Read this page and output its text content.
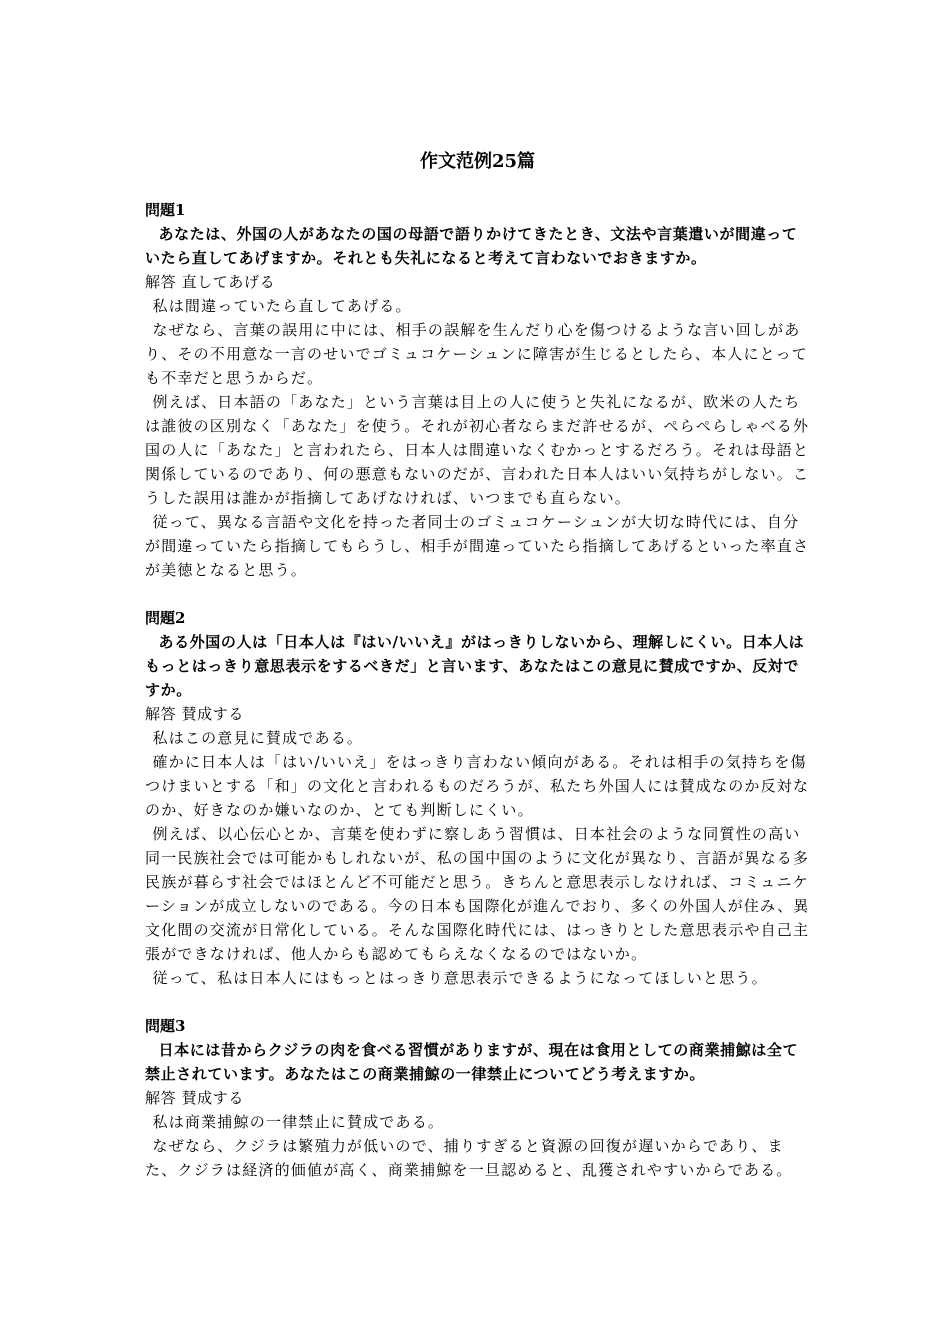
作文范例25篇
問題1
あなたは、外国の人があなたの国の母語で語りかけてきたとき、文法や言葉遣いが間違っていたら直してあげますか。それとも失礼になると考えて言わないでおきますか。
解答 直してあげる

私は間違っていたら直してあげる。

なぜなら、言葉の誤用に中には、相手の誤解を生んだり心を傷つけるような言い回しがあり、その不用意な一言のせいでゴミュコケーシュンに障害が生じるとしたら、本人にとっても不幸だと思うからだ。

例えば、日本語の「あなた」という言葉は目上の人に使うと失礼になるが、欧米の人たちは誰彼の区別なく「あなた」を使う。それが初心者ならまだ許せるが、ぺらぺらしゃべる外国の人に「あなた」と言われたら、日本人は間違いなくむかっとするだろう。それは母語と関係しているのであり、何の悪意もないのだが、言われた日本人はいい気持ちがしない。こうした誤用は誰かが指摘してあげなければ、いつまでも直らない。

従って、異なる言語や文化を持った者同士のゴミュコケーシュンが大切な時代には、自分が間違っていたら指摘してもらうし、相手が間違っていたら指摘してあげるといった率直さが美徳となると思う。

問題2
ある外国の人は「日本人は『はい/いいえ』がはっきりしないから、理解しにくい。日本人はもっとはっきり意思表示をするべきだ」と言います、あなたはこの意見に賛成ですか、反対ですか。
解答 賛成する

私はこの意見に賛成である。

確かに日本人は「はい/いいえ」をはっきり言わない傾向がある。それは相手の気持ちを傷つけまいとする「和」の文化と言われるものだろうが、私たち外国人には賛成なのか反対なのか、好きなのか嫌いなのか、とても判断しにくい。

例えば、以心伝心とか、言葉を使わずに察しあう習慣は、日本社会のような同質性の高い同一民族社会では可能かもしれないが、私の国中国のように文化が異なり、言語が異なる多民族が暮らす社会ではほとんど不可能だと思う。きちんと意思表示しなければ、コミュニケーションが成立しないのである。今の日本も国際化が進んでおり、多くの外国人が住み、異文化間の交流が日常化している。そんな国際化時代には、はっきりとした意思表示や自己主張ができなければ、他人からも認めてもらえなくなるのではないか。

従って、私は日本人にはもっとはっきり意思表示できるようになってほしいと思う。

問題3
日本には昔からクジラの肉を食べる習慣がありますが、現在は食用としての商業捕鯨は全て禁止されています。あなたはこの商業捕鯨の一律禁止についてどう考えますか。
解答 賛成する

私は商業捕鯨の一律禁止に賛成である。

なぜなら、クジラは繁殖力が低いので、捕りすぎると資源の回復が遅いからであり、また、クジラは経済的価値が高く、商業捕鯨を一旦認めると、乱獲されやすいからである。
